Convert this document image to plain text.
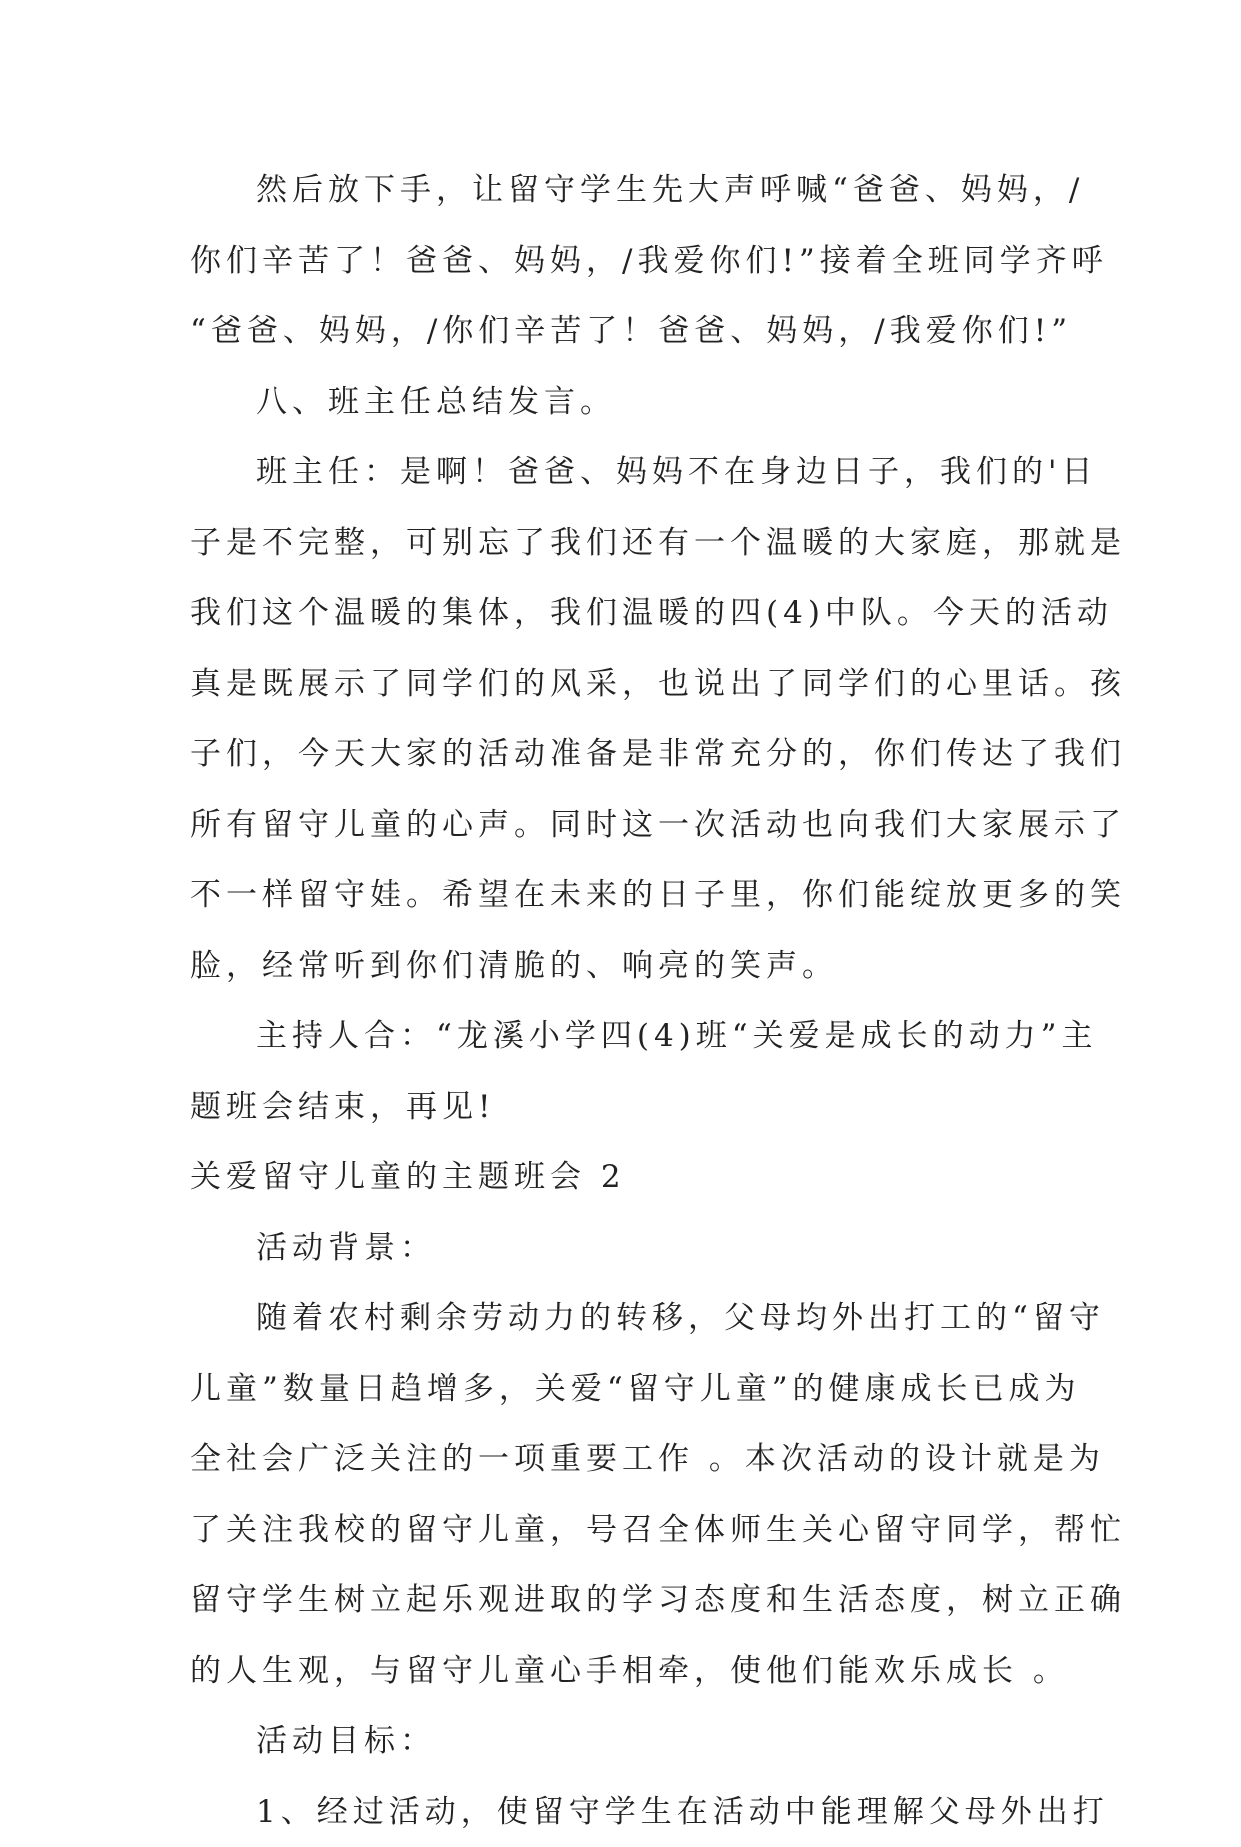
然后放下手，让留守学生先大声呼喊“爸爸、妈妈，/
你们辛苦了！爸爸、妈妈，/我爱你们!”接着全班同学齐呼
“爸爸、妈妈，/你们辛苦了！爸爸、妈妈，/我爱你们!”
八、班主任总结发言。
班主任：是啊！爸爸、妈妈不在身边日子，我们的'日
子是不完整，可别忘了我们还有一个温暖的大家庭，那就是
我们这个温暖的集体，我们温暖的四(4)中队。今天的活动
真是既展示了同学们的风采，也说出了同学们的心里话。孩
子们，今天大家的活动准备是非常充分的，你们传达了我们
所有留守儿童的心声。同时这一次活动也向我们大家展示了
不一样留守娃。希望在未来的日子里，你们能绽放更多的笑
脸，经常听到你们清脆的、响亮的笑声。
主持人合：“龙溪小学四(4)班“关爱是成长的动力”主
题班会结束，再见!
关爱留守儿童的主题班会 2
活动背景：
随着农村剩余劳动力的转移，父母均外出打工的“留守
儿童”数量日趋增多，关爱“留守儿童”的健康成长已成为
全社会广泛关注的一项重要工作 。本次活动的设计就是为
了关注我校的留守儿童，号召全体师生关心留守同学，帮忙
留守学生树立起乐观进取的学习态度和生活态度，树立正确
的人生观，与留守儿童心手相牵，使他们能欢乐成长 。
活动目标：
1、经过活动，使留守学生在活动中能理解父母外出打
